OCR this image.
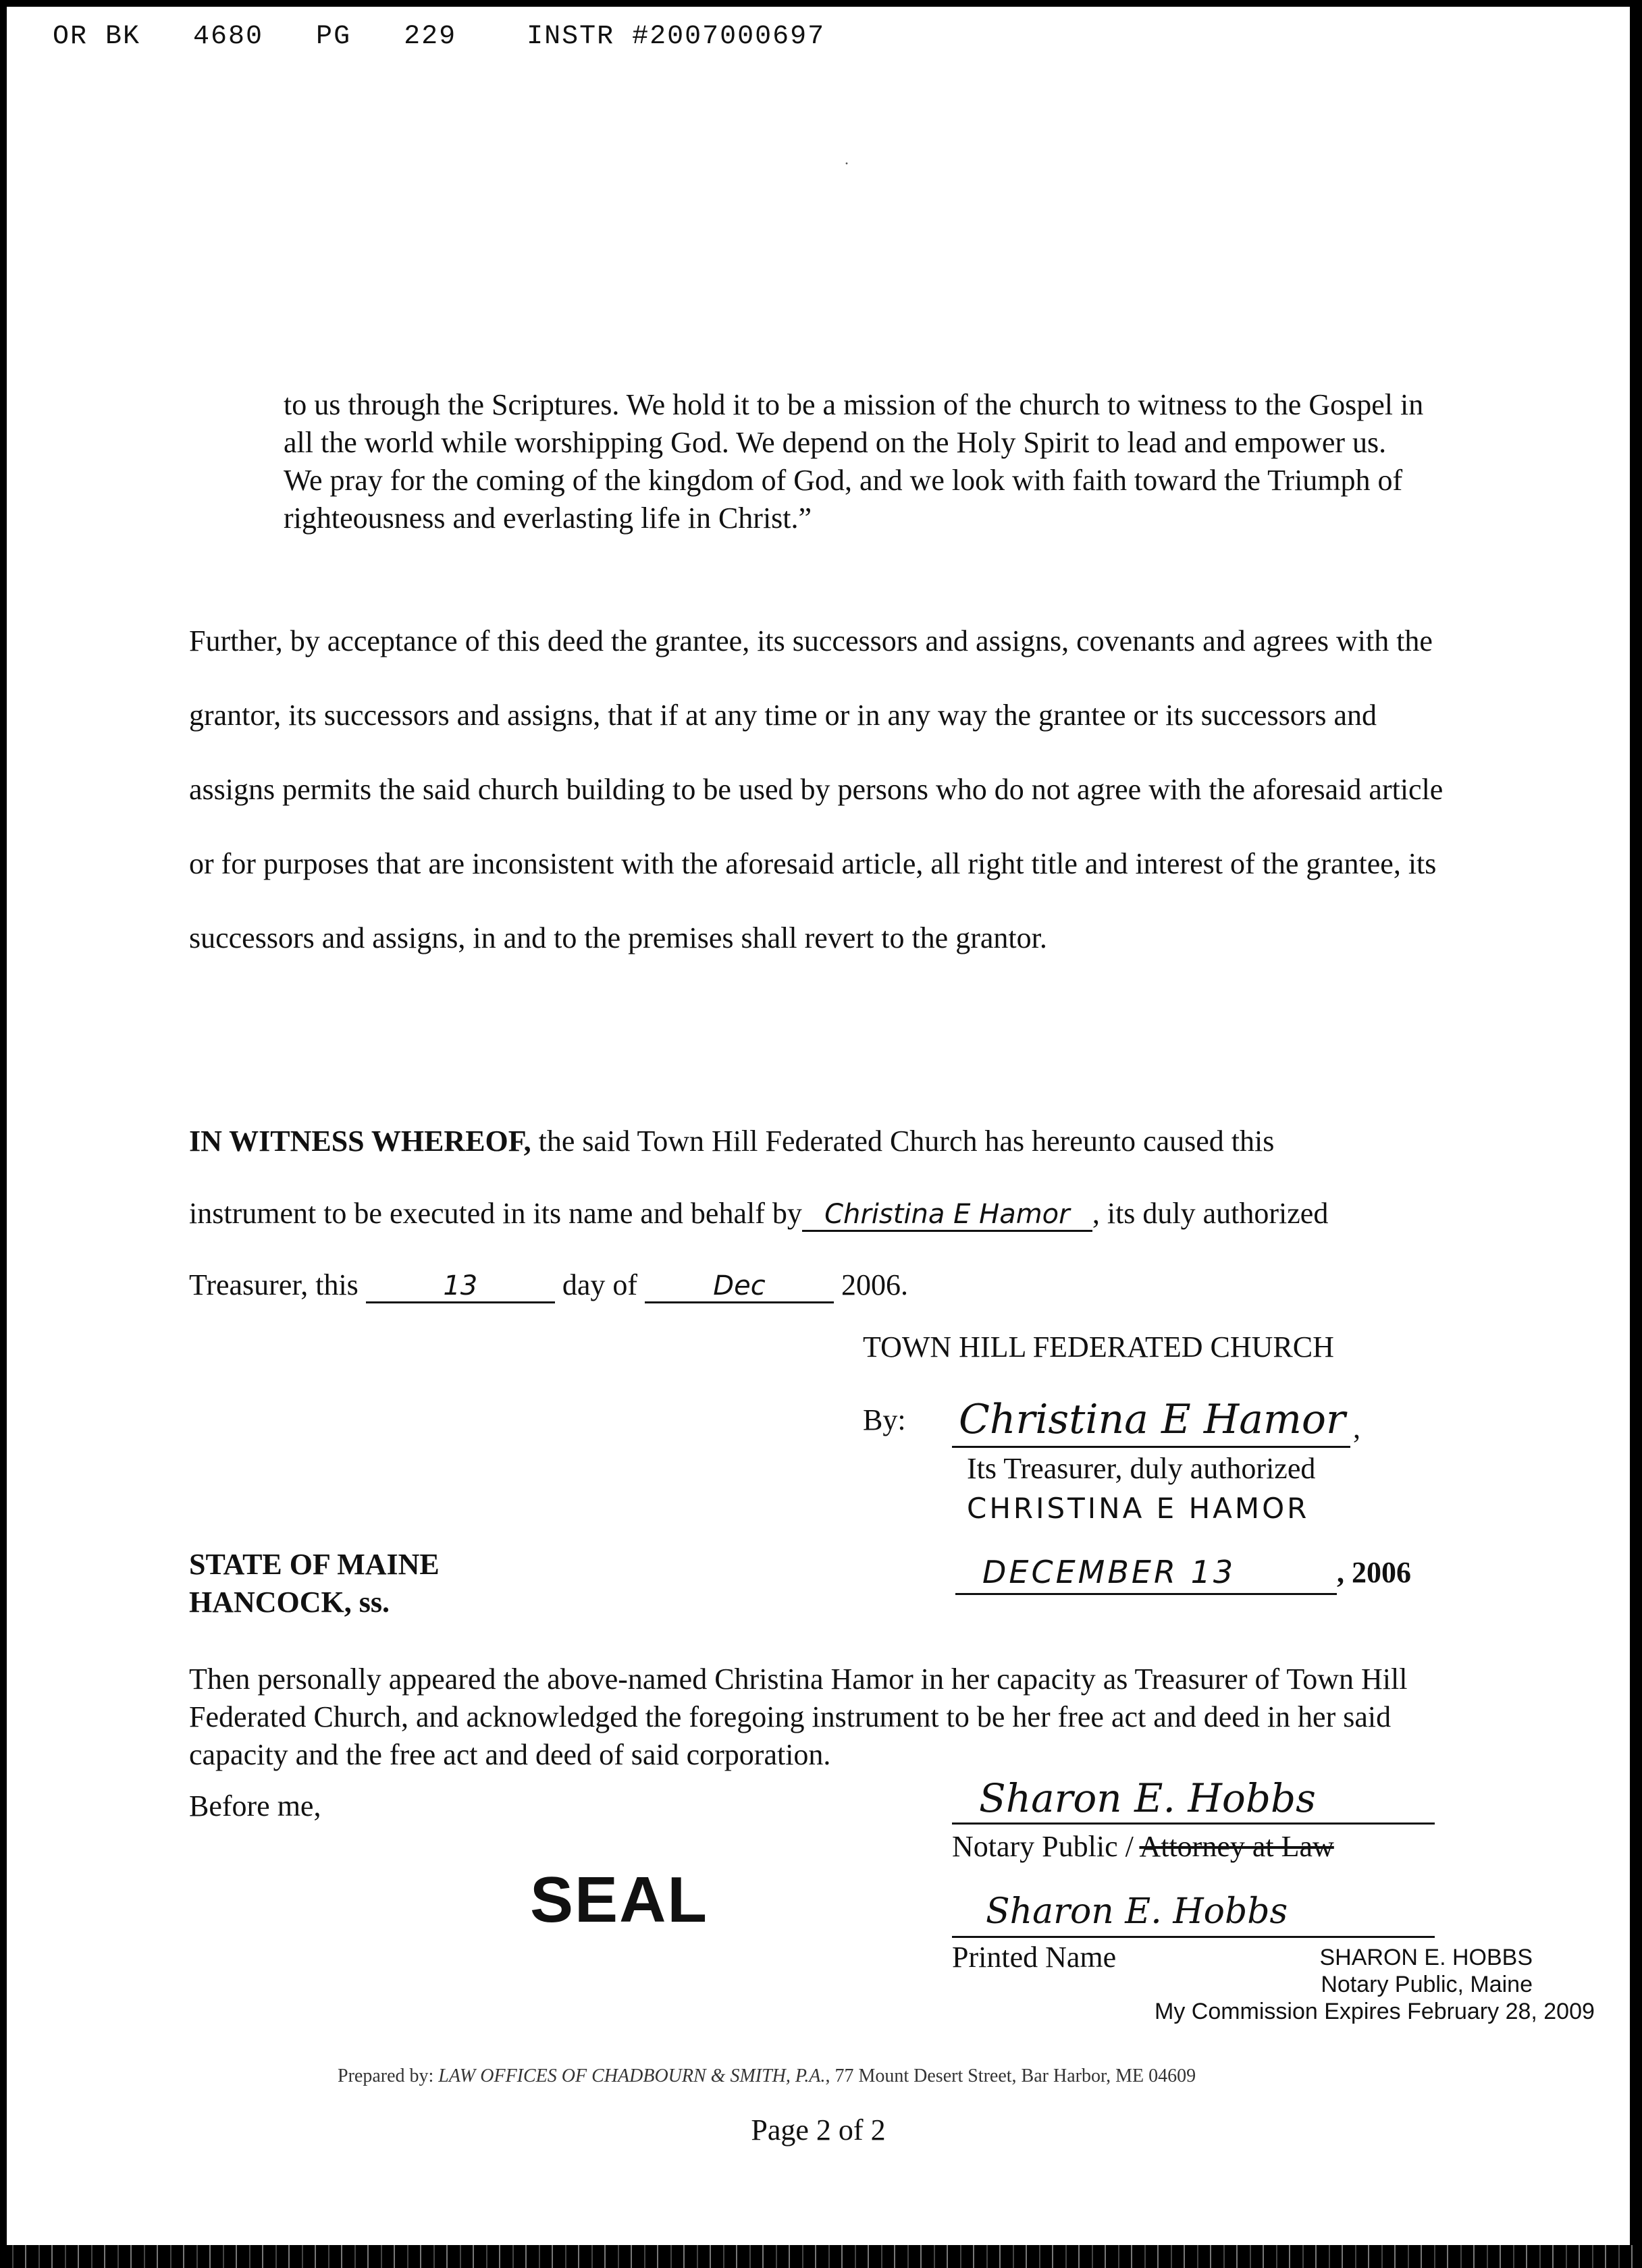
OR BK   4680   PG   229    INSTR #2007000697
·

to us through the Scriptures. We hold it to be a mission of the church to witness to the Gospel in all the world while worshipping God. We depend on the Holy Spirit to lead and empower us. We pray for the coming of the kingdom of God, and we look with faith toward the Triumph of righteousness and everlasting life in Christ.”

Further, by acceptance of this deed the grantee, its successors and assigns, covenants and agrees with the grantor, its successors and assigns, that if at any time or in any way the grantee or its successors and assigns permits the said church building to be used by persons who do not agree with the aforesaid article or for purposes that are inconsistent with the aforesaid article, all right title and interest of the grantee, its successors and assigns, in and to the premises shall revert to the grantor.

IN WITNESS WHEREOF, the said Town Hill Federated Church has hereunto caused this
instrument to be executed in its name and behalf by Christina E Hamor , its duly authorized
Treasurer, this	13	day of	Dec 2006.
TOWN HILL FEDERATED CHURCH
By: Christina E Hamor ,
Its Treasurer, duly authorized
CHRISTINA E HAMOR
STATE OF MAINE
HANCOCK, ss.
DECEMBER 13	, 2006

Then personally appeared the above-named Christina Hamor in her capacity as Treasurer of Town Hill Federated Church, and acknowledged the foregoing instrument to be her free act and deed in her said capacity and the free act and deed of said corporation.

Before me,	Sharon E. Hobbs
Notary Public / Attorney at Law
SEAL	Sharon E. Hobbs
Printed Name	SHARON E. HOBBS
Notary Public, Maine
My Commission Expires February 28, 2009
Prepared by: LAW OFFICES OF CHADBOURN & SMITH, P.A., 77 Mount Desert Street, Bar Harbor, ME 04609
Page 2 of 2
